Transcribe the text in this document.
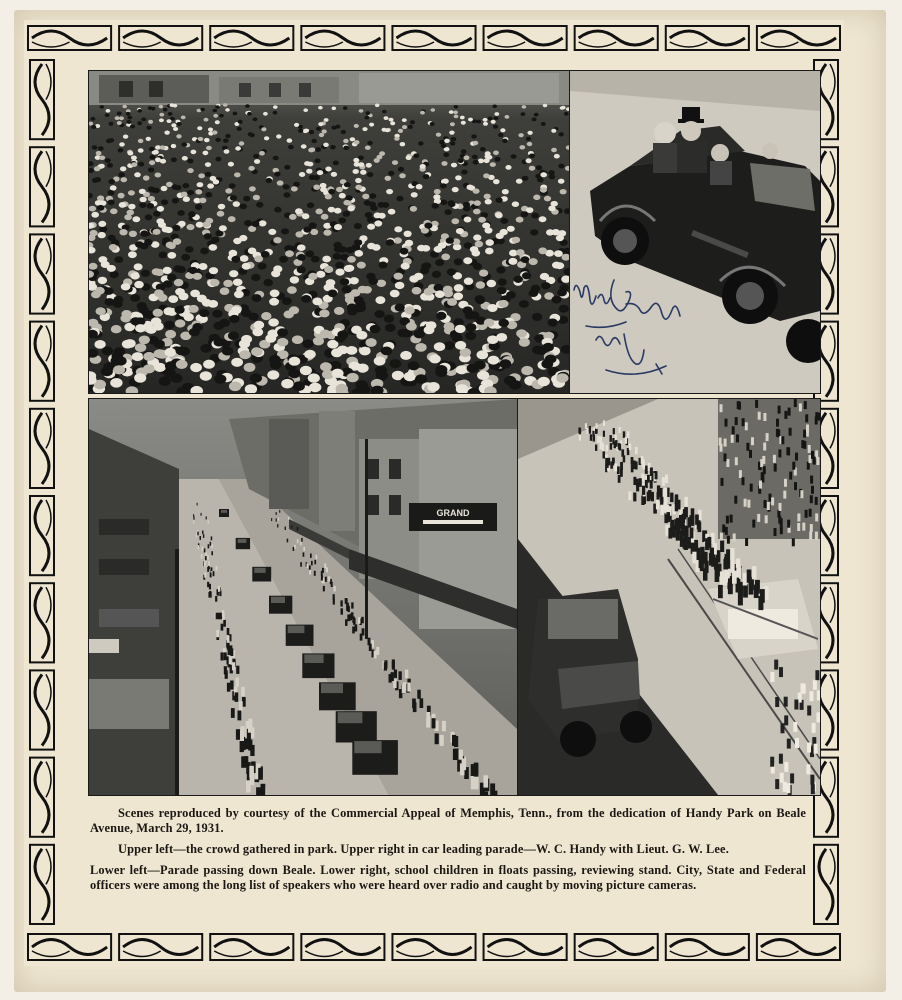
GRAND

Scenes reproduced by courtesy of the Commercial Appeal of Memphis, Tenn., from the dedication of Handy Park on Beale Avenue, March 29, 1931.

Upper left—the crowd gathered in park. Upper right in car leading parade—W. C. Handy with Lieut. G. W. Lee.

Lower left—Parade passing down Beale. Lower right, school children in floats passing, reviewing stand. City, State and Federal officers were among the long list of speakers who were heard over radio and caught by moving picture cameras.
